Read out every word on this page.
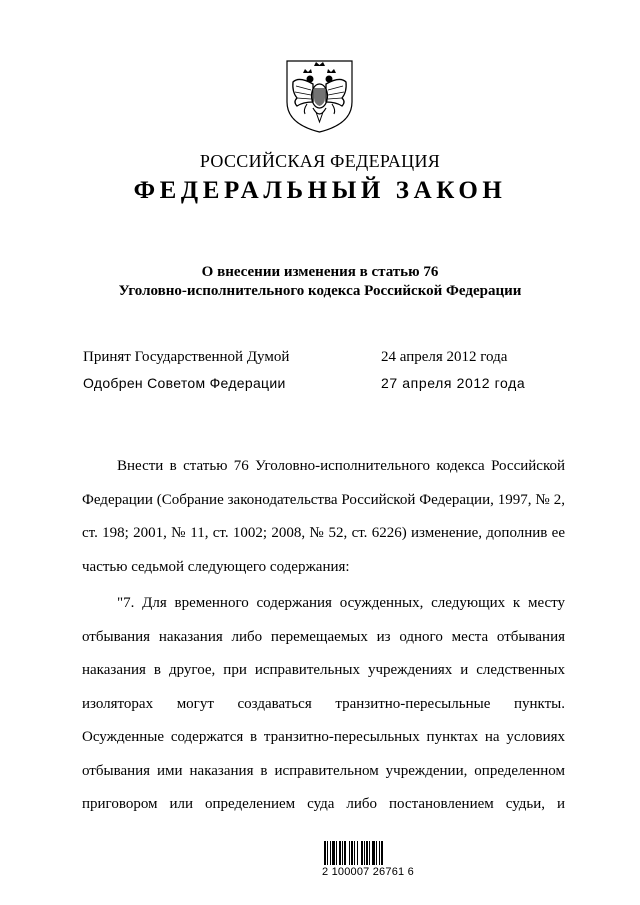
РОССИЙСКАЯ ФЕДЕРАЦИЯ
ФЕДЕРАЛЬНЫЙ ЗАКОН
О внесении изменения в статью 76
Уголовно-исполнительного кодекса Российской Федерации
Принят Государственной Думой	24 апреля 2012 года
Одобрен Советом Федерации	27 апреля 2012 года
Внести в статью 76 Уголовно-исполнительного кодекса Российской Федерации (Собрание законодательства Российской Федерации, 1997, № 2, ст. 198; 2001, № 11, ст. 1002; 2008, № 52, ст. 6226) изменение, дополнив ее частью седьмой следующего содержания:
"7. Для временного содержания осужденных, следующих к месту отбывания наказания либо перемещаемых из одного места отбывания наказания в другое, при исправительных учреждениях и следственных изоляторах могут создаваться транзитно-пересыльные пункты. Осужденные содержатся в транзитно-пересыльных пунктах на условиях отбывания ими наказания в исправительном учреждении, определенном приговором или определением суда либо постановлением судьи, и
2 100007 26761 6
